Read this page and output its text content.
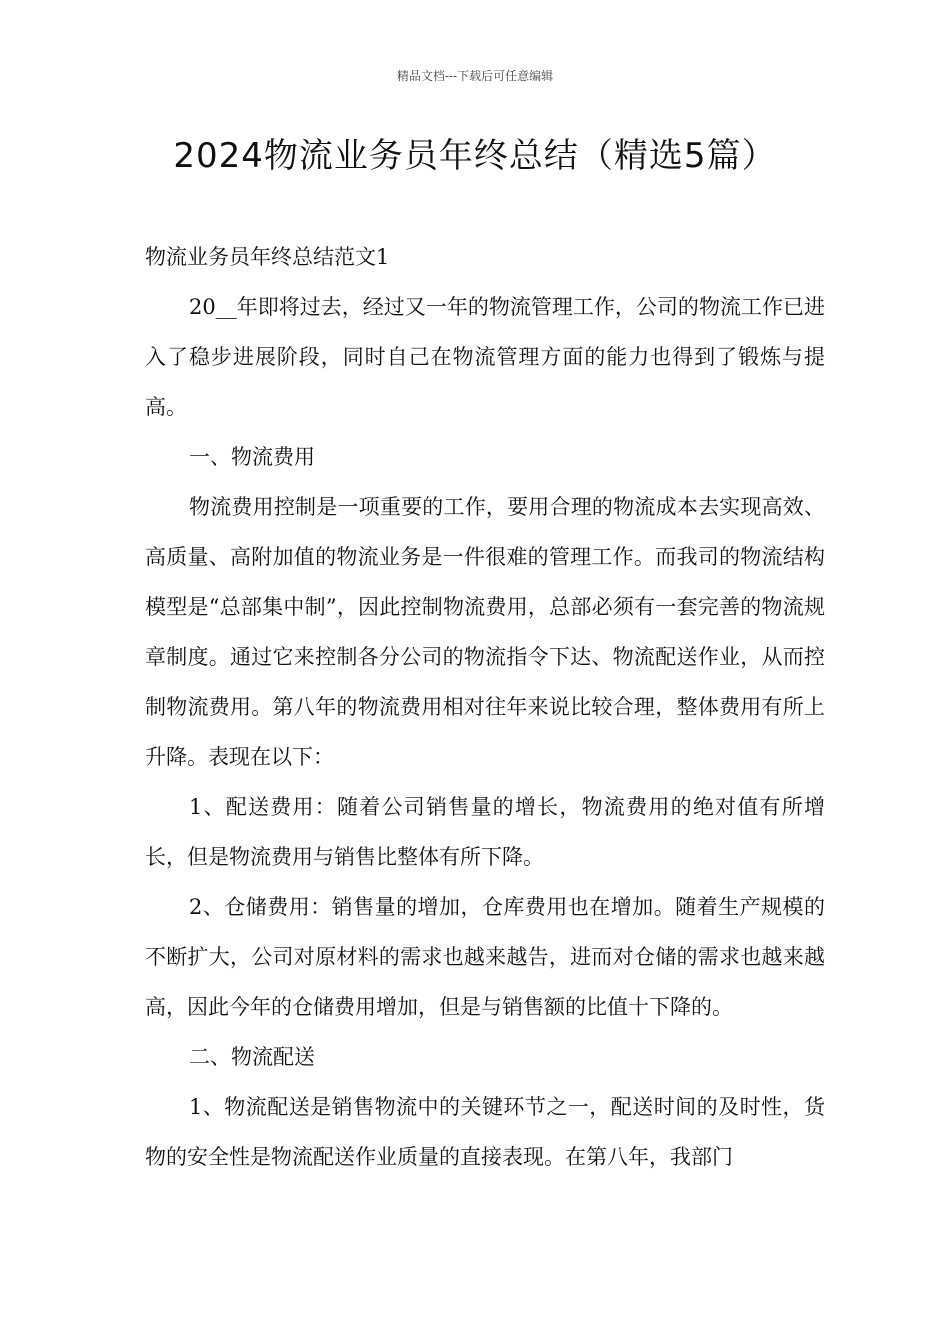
精品文档---下载后可任意编辑
2024物流业务员年终总结（精选5篇）

物流业务员年终总结范文1

20__年即将过去，经过又一年的物流管理工作，公司的物流工作已进入了稳步进展阶段，同时自己在物流管理方面的能力也得到了锻炼与提高。

一、物流费用

物流费用控制是一项重要的工作，要用合理的物流成本去实现高效、高质量、高附加值的物流业务是一件很难的管理工作。而我司的物流结构模型是“总部集中制”，因此控制物流费用，总部必须有一套完善的物流规章制度。通过它来控制各分公司的物流指令下达、物流配送作业，从而控制物流费用。第八年的物流费用相对往年来说比较合理，整体费用有所上升降。表现在以下：

1、配送费用：随着公司销售量的增长，物流费用的绝对值有所增长，但是物流费用与销售比整体有所下降。

2、仓储费用：销售量的增加，仓库费用也在增加。随着生产规模的不断扩大，公司对原材料的需求也越来越告，进而对仓储的需求也越来越高，因此今年的仓储费用增加，但是与销售额的比值十下降的。

二、物流配送

1、物流配送是销售物流中的关键环节之一，配送时间的及时性，货物的安全性是物流配送作业质量的直接表现。在第八年，我部门
